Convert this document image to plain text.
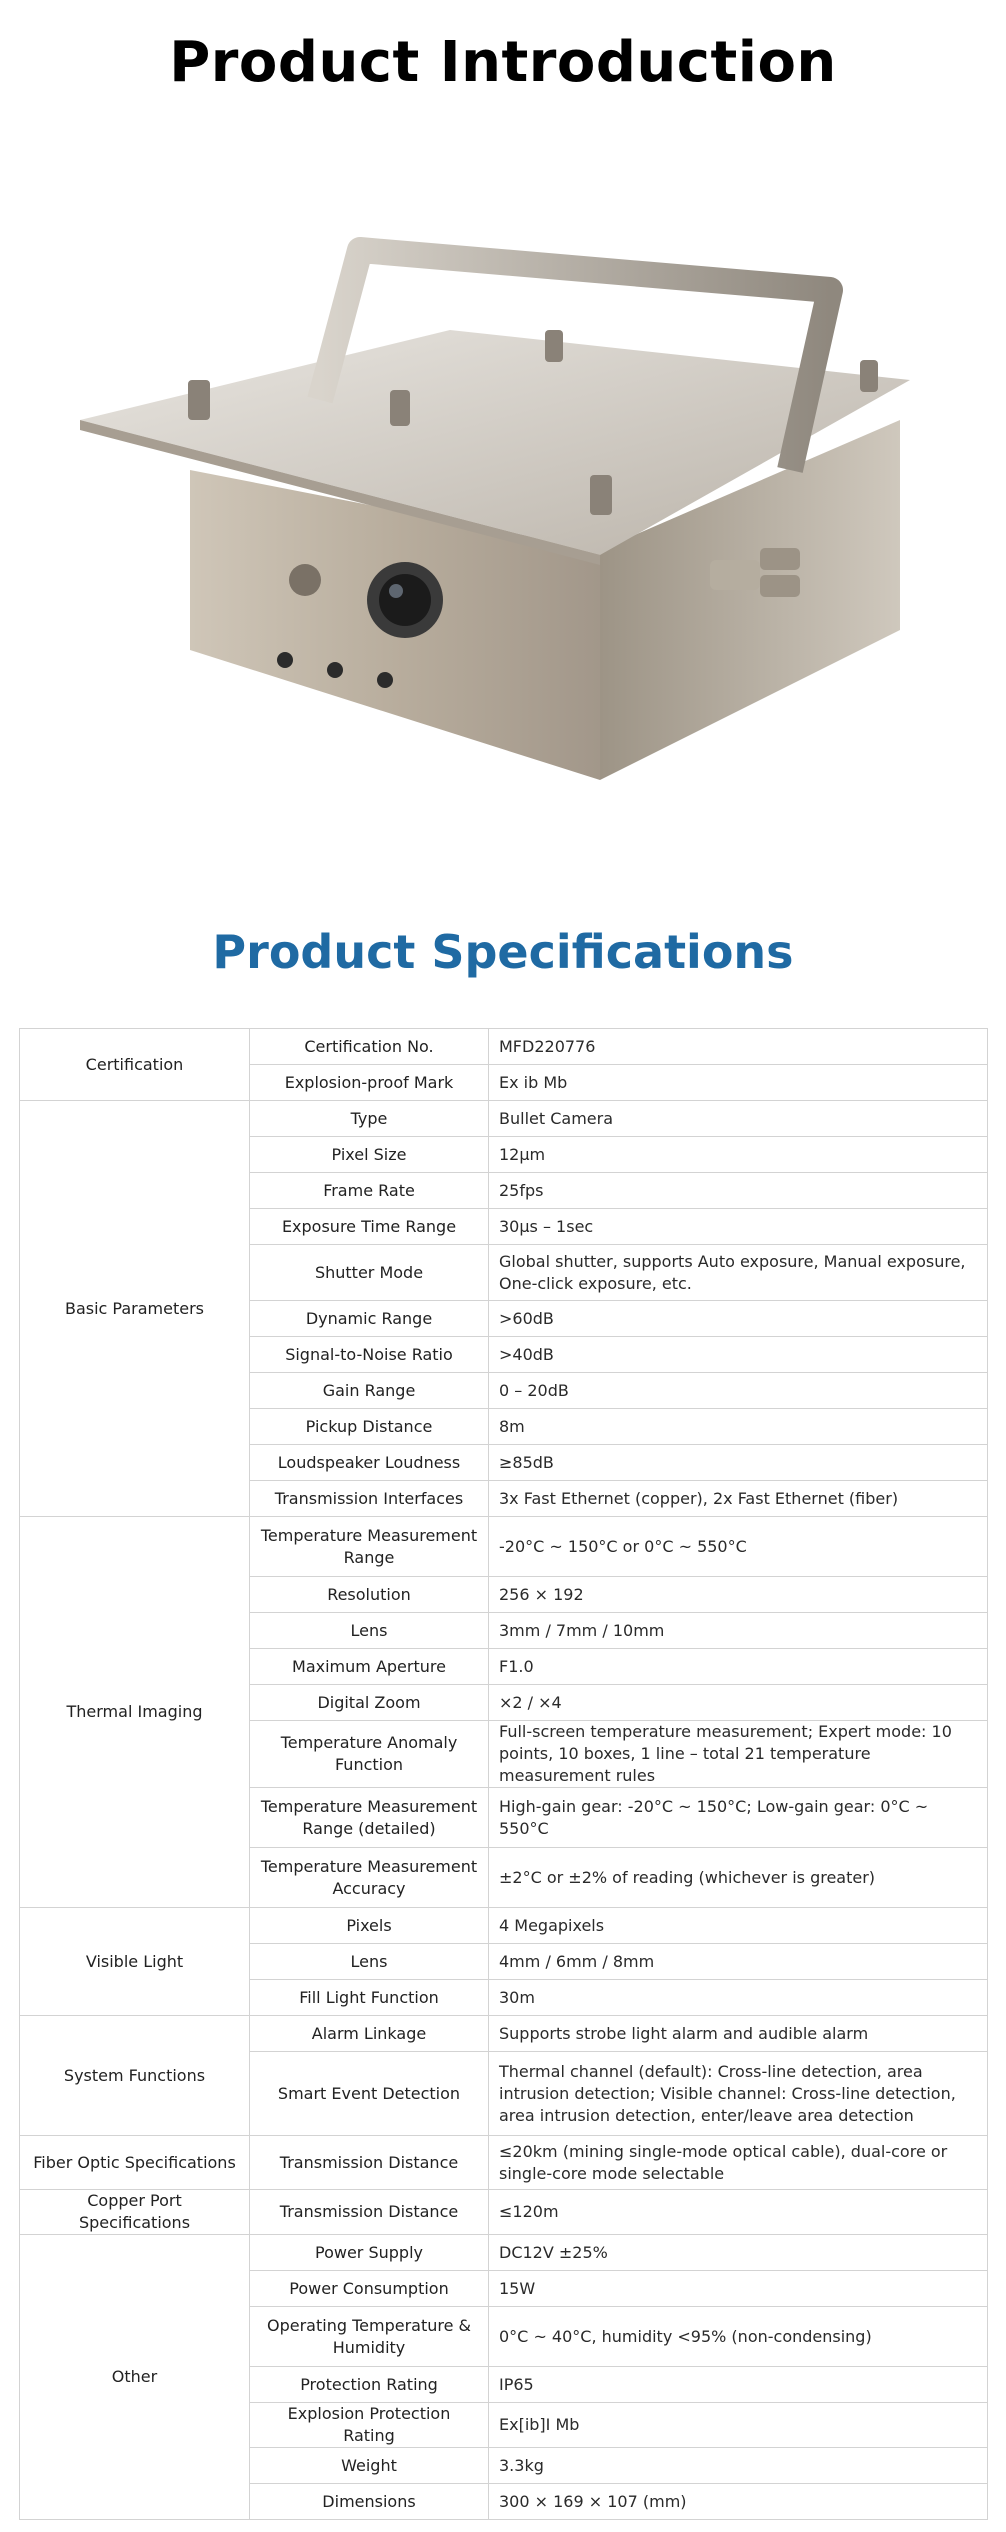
Product Introduction
Product Specifications
Certification	Certification No.	MFD220776
	Explosion-proof Mark	Ex ib Mb
Basic Parameters	Type	Bullet Camera
	Pixel Size	12μm
	Frame Rate	25fps
	Exposure Time Range	30μs – 1sec
	Shutter Mode	Global shutter, supports Auto exposure, Manual exposure, One-click exposure, etc.
	Dynamic Range	>60dB
	Signal-to-Noise Ratio	>40dB
	Gain Range	0 – 20dB
	Pickup Distance	8m
	Loudspeaker Loudness	≥85dB
	Transmission Interfaces	3x Fast Ethernet (copper), 2x Fast Ethernet (fiber)
Thermal Imaging	Temperature Measurement Range	-20°C ~ 150°C or 0°C ~ 550°C
	Resolution	256 × 192
	Lens	3mm / 7mm / 10mm
	Maximum Aperture	F1.0
	Digital Zoom	×2 / ×4
	Temperature Anomaly Function	Full-screen temperature measurement; Expert mode: 10 points, 10 boxes, 1 line – total 21 temperature measurement rules
	Temperature Measurement Range (detailed)	High-gain gear: -20°C ~ 150°C; Low-gain gear: 0°C ~ 550°C
	Temperature Measurement Accuracy	±2°C or ±2% of reading (whichever is greater)
Visible Light	Pixels	4 Megapixels
	Lens	4mm / 6mm / 8mm
	Fill Light Function	30m
System Functions	Alarm Linkage	Supports strobe light alarm and audible alarm
	Smart Event Detection	Thermal channel (default): Cross-line detection, area intrusion detection; Visible channel: Cross-line detection, area intrusion detection, enter/leave area detection
Fiber Optic Specifications	Transmission Distance	≤20km (mining single-mode optical cable), dual-core or single-core mode selectable
Copper Port Specifications	Transmission Distance	≤120m
Other	Power Supply	DC12V ±25%
	Power Consumption	15W
	Operating Temperature & Humidity	0°C ~ 40°C, humidity <95% (non-condensing)
	Protection Rating	IP65
	Explosion Protection Rating	Ex[ib]I Mb
	Weight	3.3kg
	Dimensions	300 × 169 × 107 (mm)
